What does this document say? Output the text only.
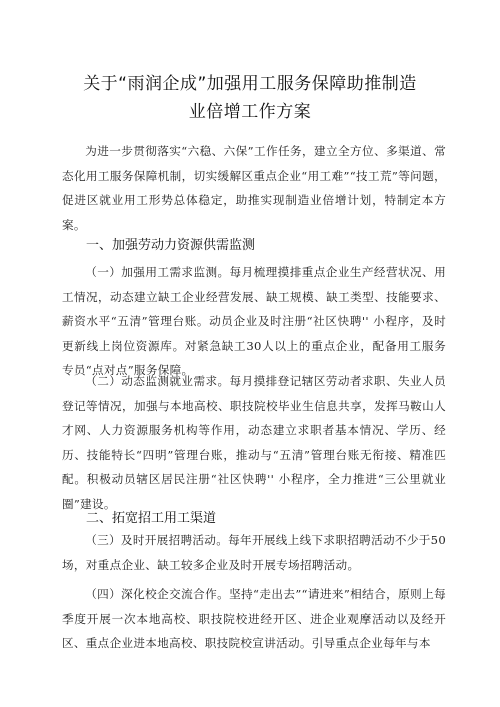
关于“雨润企成”加强用工服务保障助推制造
业倍增工作方案
为进一步贯彻落实“六稳、六保”工作任务，建立全方位、多渠道、常态化用工服务保障机制，切实缓解区重点企业“用工难”“技工荒”等问题，促进区就业用工形势总体稳定，助推实现制造业倍增计划，特制定本方案。
一、加强劳动力资源供需监测
（一）加强用工需求监测。每月梳理摸排重点企业生产经营状况、用工情况，动态建立缺工企业经营发展、缺工规模、缺工类型、技能要求、薪资水平“五清”管理台账。动员企业及时注册“社区快聘'' 小程序，及时更新线上岗位资源库。对紧急缺工30人以上的重点企业，配备用工服务专员“点对点”服务保障。
（二）动态监测就业需求。每月摸排登记辖区劳动者求职、失业人员登记等情况，加强与本地高校、职技院校毕业生信息共享，发挥马鞍山人才网、人力资源服务机构等作用，动态建立求职者基本情况、学历、经历、技能特长“四明”管理台账，推动与“五清”管理台账无衔接、精准匹配。积极动员辖区居民注册“社区快聘'' 小程序，全力推进“三公里就业圈”建设。
二、拓宽招工用工渠道
（三）及时开展招聘活动。每年开展线上线下求职招聘活动不少于50场，对重点企业、缺工较多企业及时开展专场招聘活动。
（四）深化校企交流合作。坚持“走出去”“请进来”相结合，原则上每季度开展一次本地高校、职技院校进经开区、进企业观摩活动以及经开区、重点企业进本地高校、职技院校宣讲活动。引导重点企业每年与本
